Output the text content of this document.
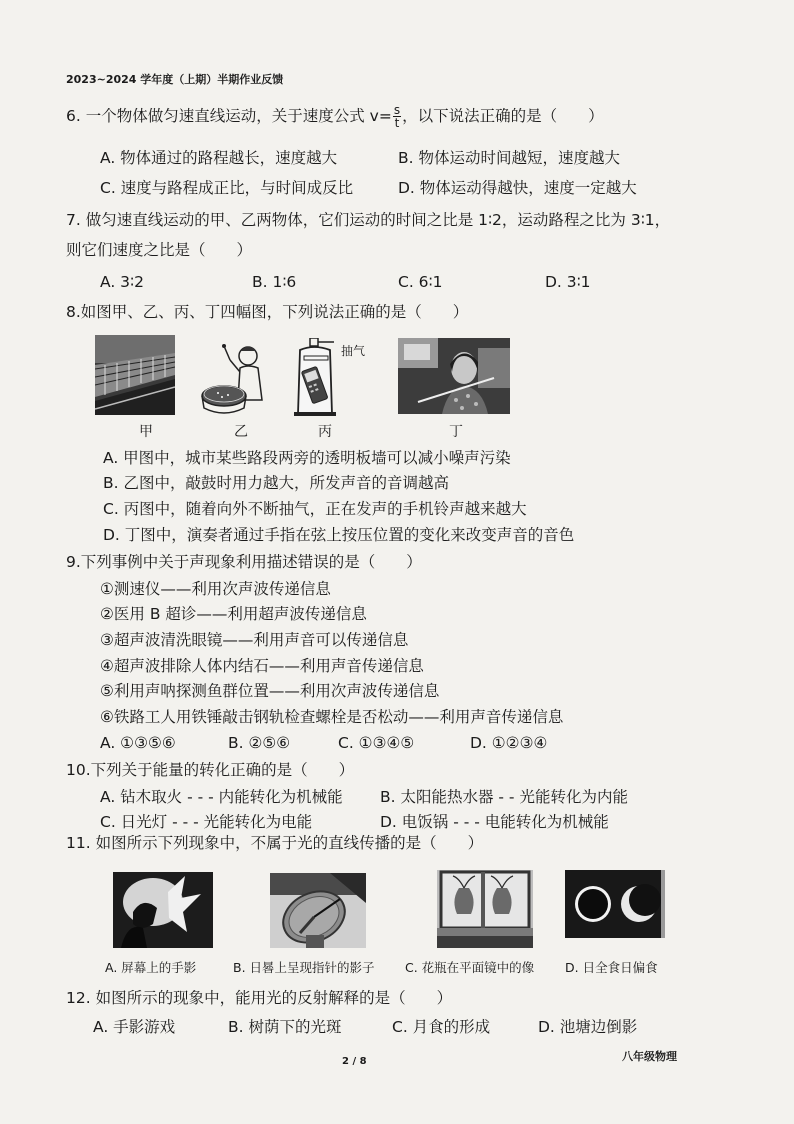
2023~2024 学年度（上期）半期作业反馈
6. 一个物体做匀速直线运动，关于速度公式 $v= \frac{s}{t}$ ，以下说法正确的是（　　）
A. 物体通过的路程越长，速度越大	B. 物体运动时间越短，速度越大
C. 速度与路程成正比，与时间成反比	D. 物体运动得越快，速度一定越大
7. 做匀速直线运动的甲、乙两物体，它们运动的时间之比是 1∶2，运动路程之比为 3∶1，
则它们速度之比是（　　）
A. 3∶2	B. 1∶6	C. 6∶1	D. 3∶1
8.如图甲、乙、丙、丁四幅图，下列说法正确的是（　　）
抽气
甲	乙	丙	丁
A. 甲图中，城市某些路段两旁的透明板墙可以减小噪声污染
B. 乙图中，敲鼓时用力越大，所发声音的音调越高
C. 丙图中，随着向外不断抽气，正在发声的手机铃声越来越大
D. 丁图中，演奏者通过手指在弦上按压位置的变化来改变声音的音色
9.下列事例中关于声现象利用描述错误的是（　　）
①测速仪——利用次声波传递信息
②医用 B 超诊——利用超声波传递信息
③超声波清洗眼镜——利用声音可以传递信息
④超声波排除人体内结石——利用声音传递信息
⑤利用声呐探测鱼群位置——利用次声波传递信息
⑥铁路工人用铁锤敲击钢轨检查螺栓是否松动——利用声音传递信息
A. ①③⑤⑥	B. ②⑤⑥	C. ①③④⑤	D. ①②③④
10.下列关于能量的转化正确的是（　　）
A. 钻木取火 - - - 内能转化为机械能 B. 太阳能热水器 - - 光能转化为内能
C. 日光灯 - - - 光能转化为电能	D. 电饭锅 - - - 电能转化为机械能
11. 如图所示下列现象中，不属于光的直线传播的是（　　）
A. 屏幕上的手影	B. 日晷上呈现指针的影子 C. 花瓶在平面镜中的像 D. 日全食日偏食
12. 如图所示的现象中，能用光的反射解释的是（　　）
A. 手影游戏	B. 树荫下的光斑	C. 月食的形成	D. 池塘边倒影
2 / 8	八年级物理
